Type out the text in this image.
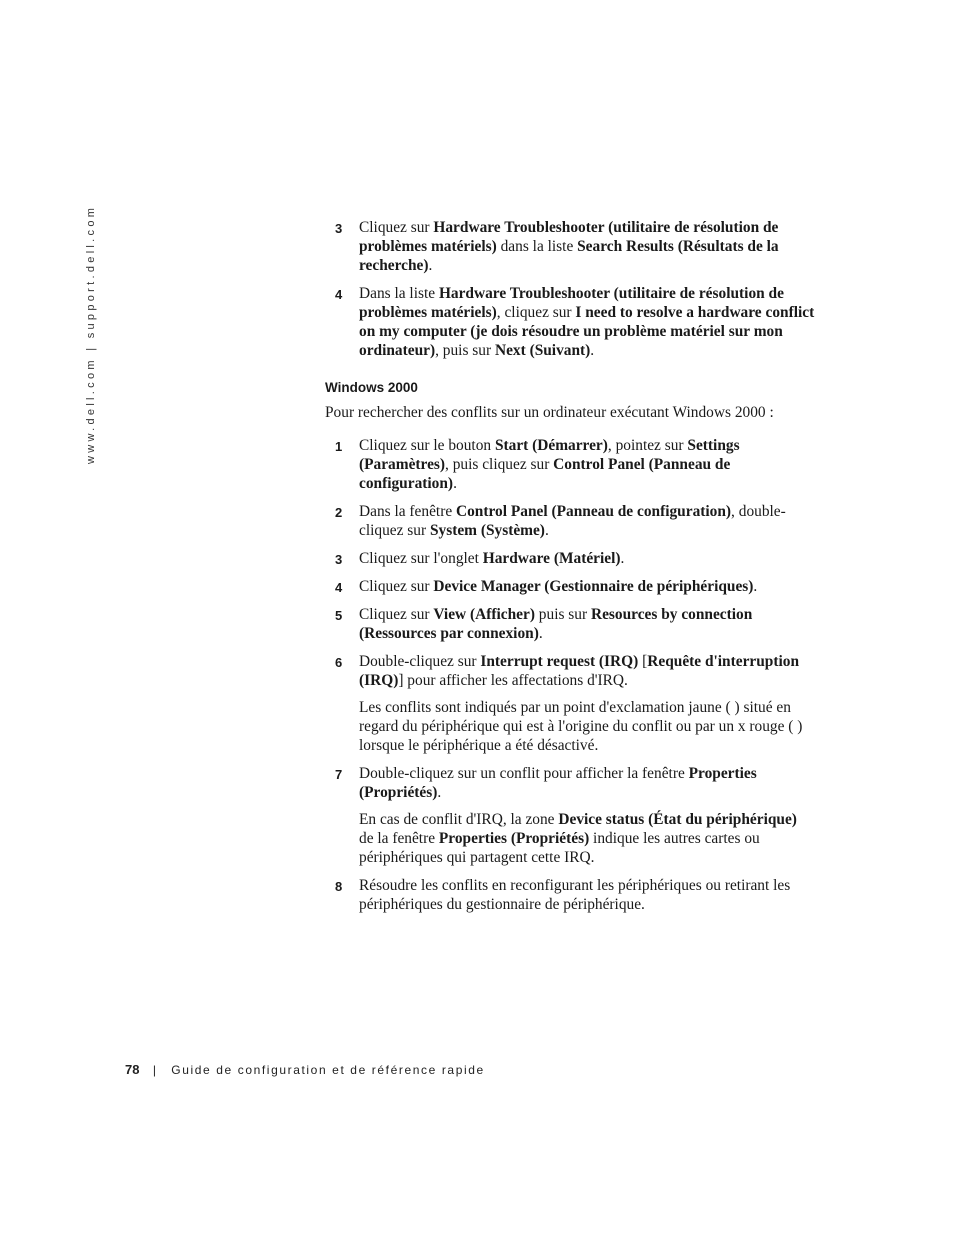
www.dell.com | support.dell.com	3 Cliquez sur Hardware Troubleshooter (utilitaire de résolution de problèmes matériels) dans la liste Search Results (Résultats de la recherche).
4 Dans la liste Hardware Troubleshooter (utilitaire de résolution de problèmes matériels), cliquez sur I need to resolve a hardware conflict on my computer (je dois résoudre un problème matériel sur mon ordinateur), puis sur Next (Suivant).
Windows 2000
Pour rechercher des conflits sur un ordinateur exécutant Windows 2000 :
1 Cliquez sur le bouton Start (Démarrer), pointez sur Settings (Paramètres), puis cliquez sur Control Panel (Panneau de configuration).
2 Dans la fenêtre Control Panel (Panneau de configuration), double-cliquez sur System (Système).
3 Cliquez sur l'onglet Hardware (Matériel).
4 Cliquez sur Device Manager (Gestionnaire de périphériques).
5 Cliquez sur View (Afficher) puis sur Resources by connection (Ressources par connexion).
6 Double-cliquez sur Interrupt request (IRQ) [Requête d'interruption (IRQ)] pour afficher les affectations d'IRQ.
Les conflits sont indiqués par un point d'exclamation jaune ( ) situé en regard du périphérique qui est à l'origine du conflit ou par un x rouge ( ) lorsque le périphérique a été désactivé.
7 Double-cliquez sur un conflit pour afficher la fenêtre Properties (Propriétés).
En cas de conflit d'IRQ, la zone Device status (État du périphérique) de la fenêtre Properties (Propriétés) indique les autres cartes ou périphériques qui partagent cette IRQ.
8 Résoudre les conflits en reconfigurant les périphériques ou retirant les périphériques du gestionnaire de périphérique.
78 | Guide de configuration et de référence rapide
